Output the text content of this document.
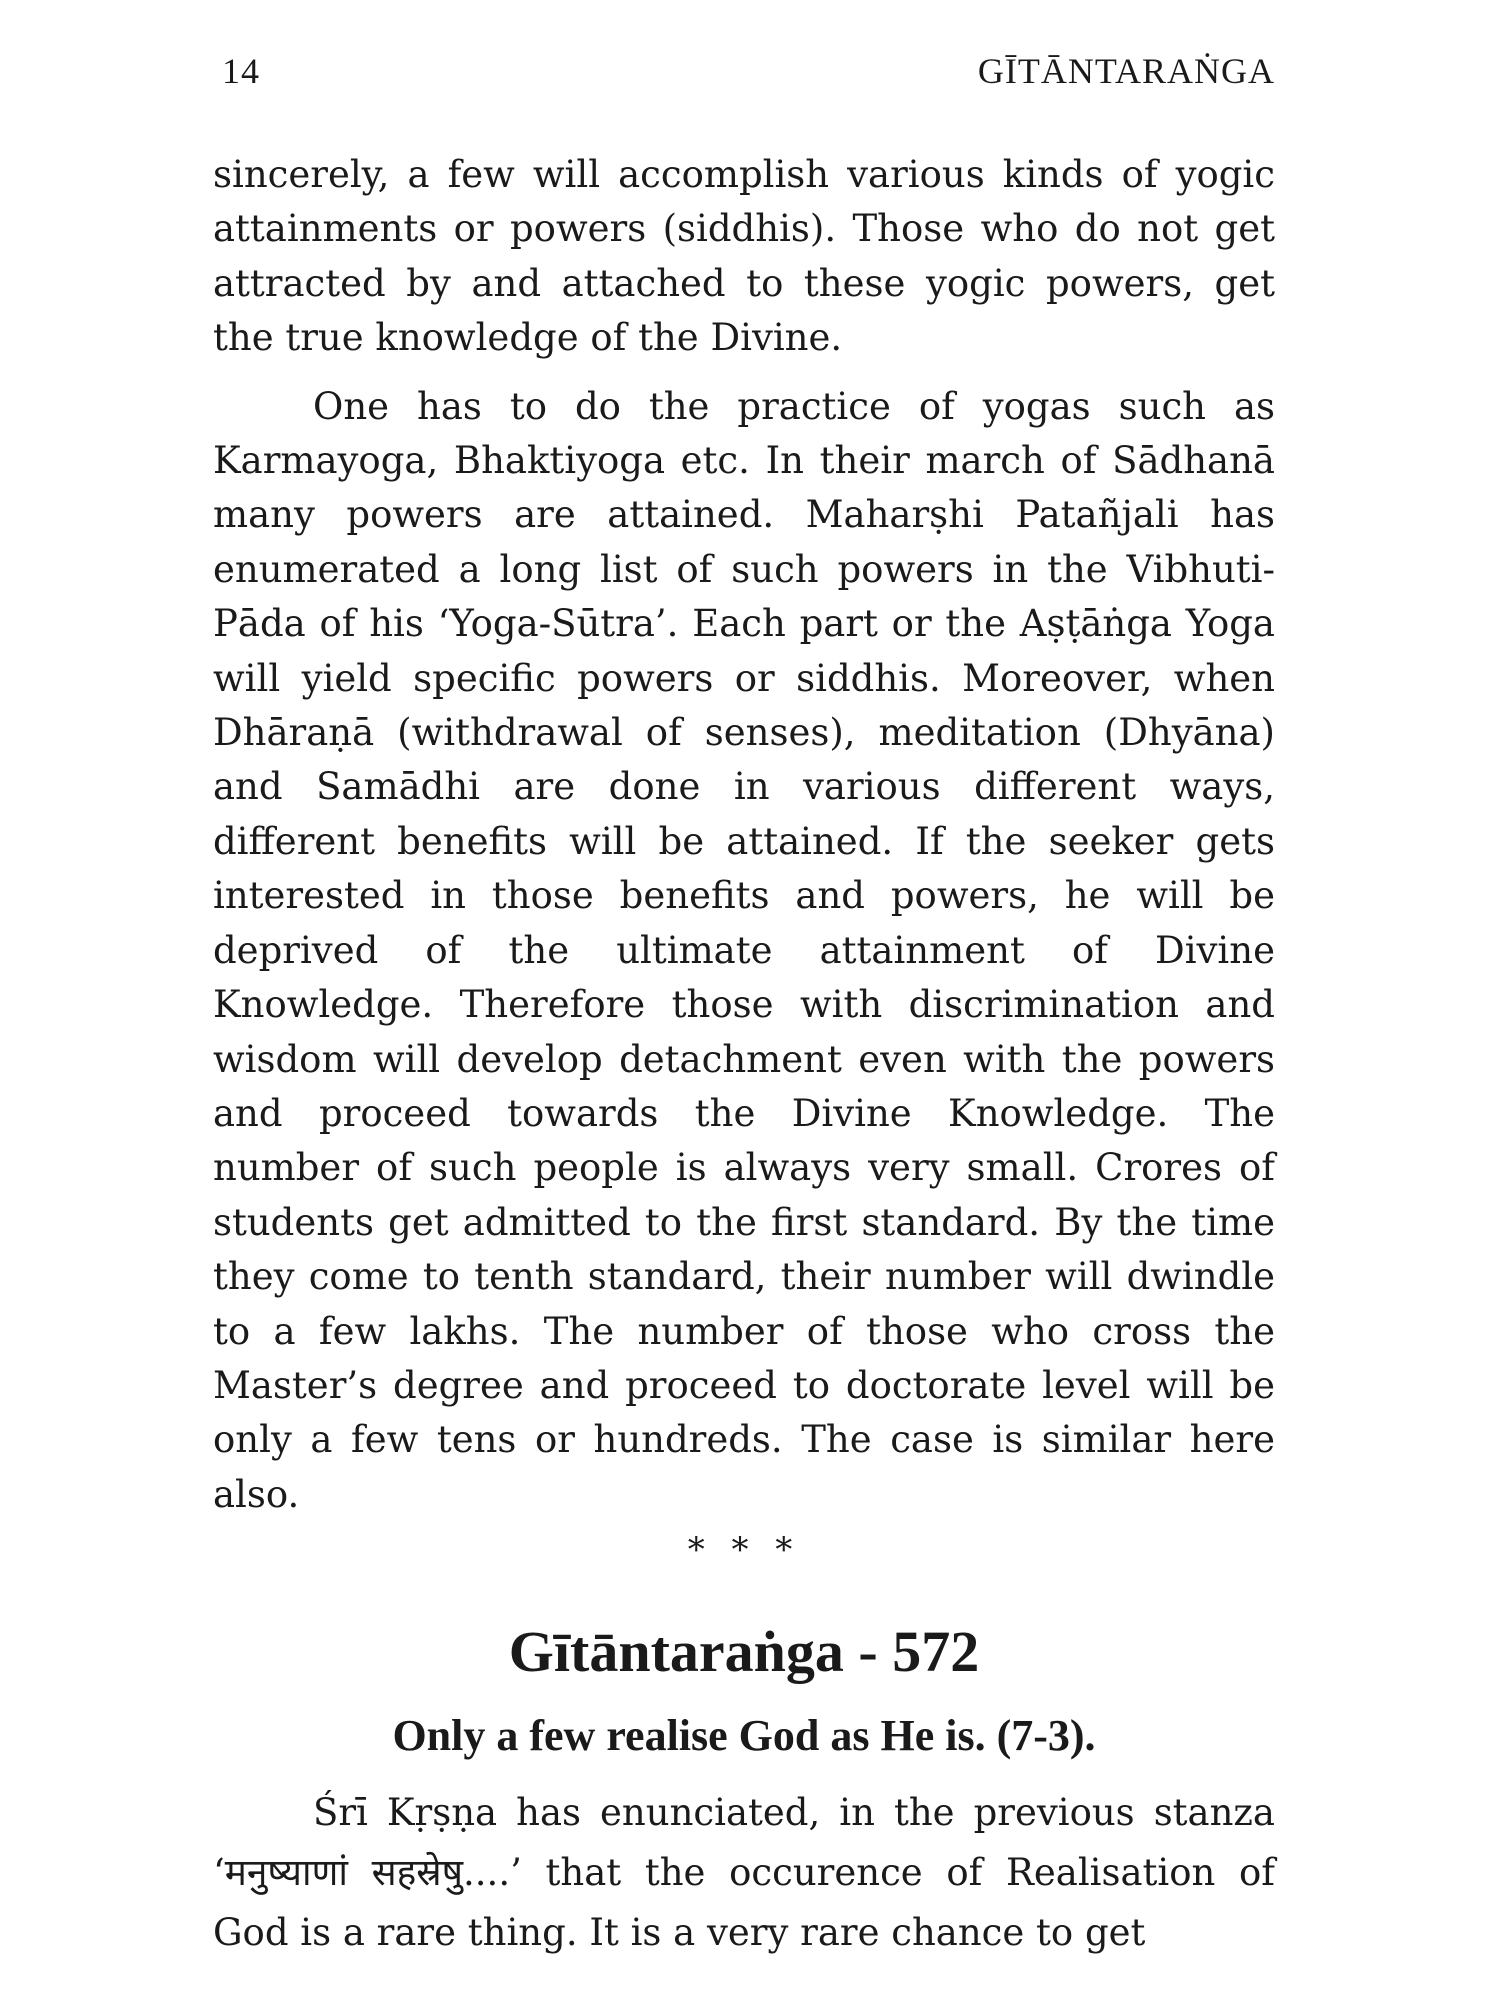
14	GĪTĀNTARAṄGA

sincerely, a few will accomplish various kinds of yogic attainments or powers (siddhis). Those who do not get attracted by and attached to these yogic powers, get the true knowledge of the Divine.

One has to do the practice of yogas such as Karmayoga, Bhaktiyoga etc. In their march of Sādhanā many powers are attained. Maharṣhi Patañjali has enumerated a long list of such powers in the Vibhuti-Pāda of his ‘Yoga-Sūtra’. Each part or the Aṣṭāṅga Yoga will yield specific powers or siddhis. Moreover, when Dhāraṇā (withdrawal of senses), meditation (Dhyāna) and Samādhi are done in various different ways, different benefits will be attained. If the seeker gets interested in those benefits and powers, he will be deprived of the ultimate attainment of Divine Knowledge. Therefore those with discrimination and wisdom will develop detachment even with the powers and proceed towards the Divine Knowledge. The number of such people is always very small. Crores of students get admitted to the first standard. By the time they come to tenth standard, their number will dwindle to a few lakhs. The number of those who cross the Master’s degree and proceed to doctorate level will be only a few tens or hundreds. The case is similar here also.

* * *
Gītāntaraṅga - 572
Only a few realise God as He is. (7-3).

Śrī Kṛṣṇa has enunciated, in the previous stanza ‘मनुष्याणां सहस्रेषु....’ that the occurence of Realisation of God is a rare thing. It is a very rare chance to get
